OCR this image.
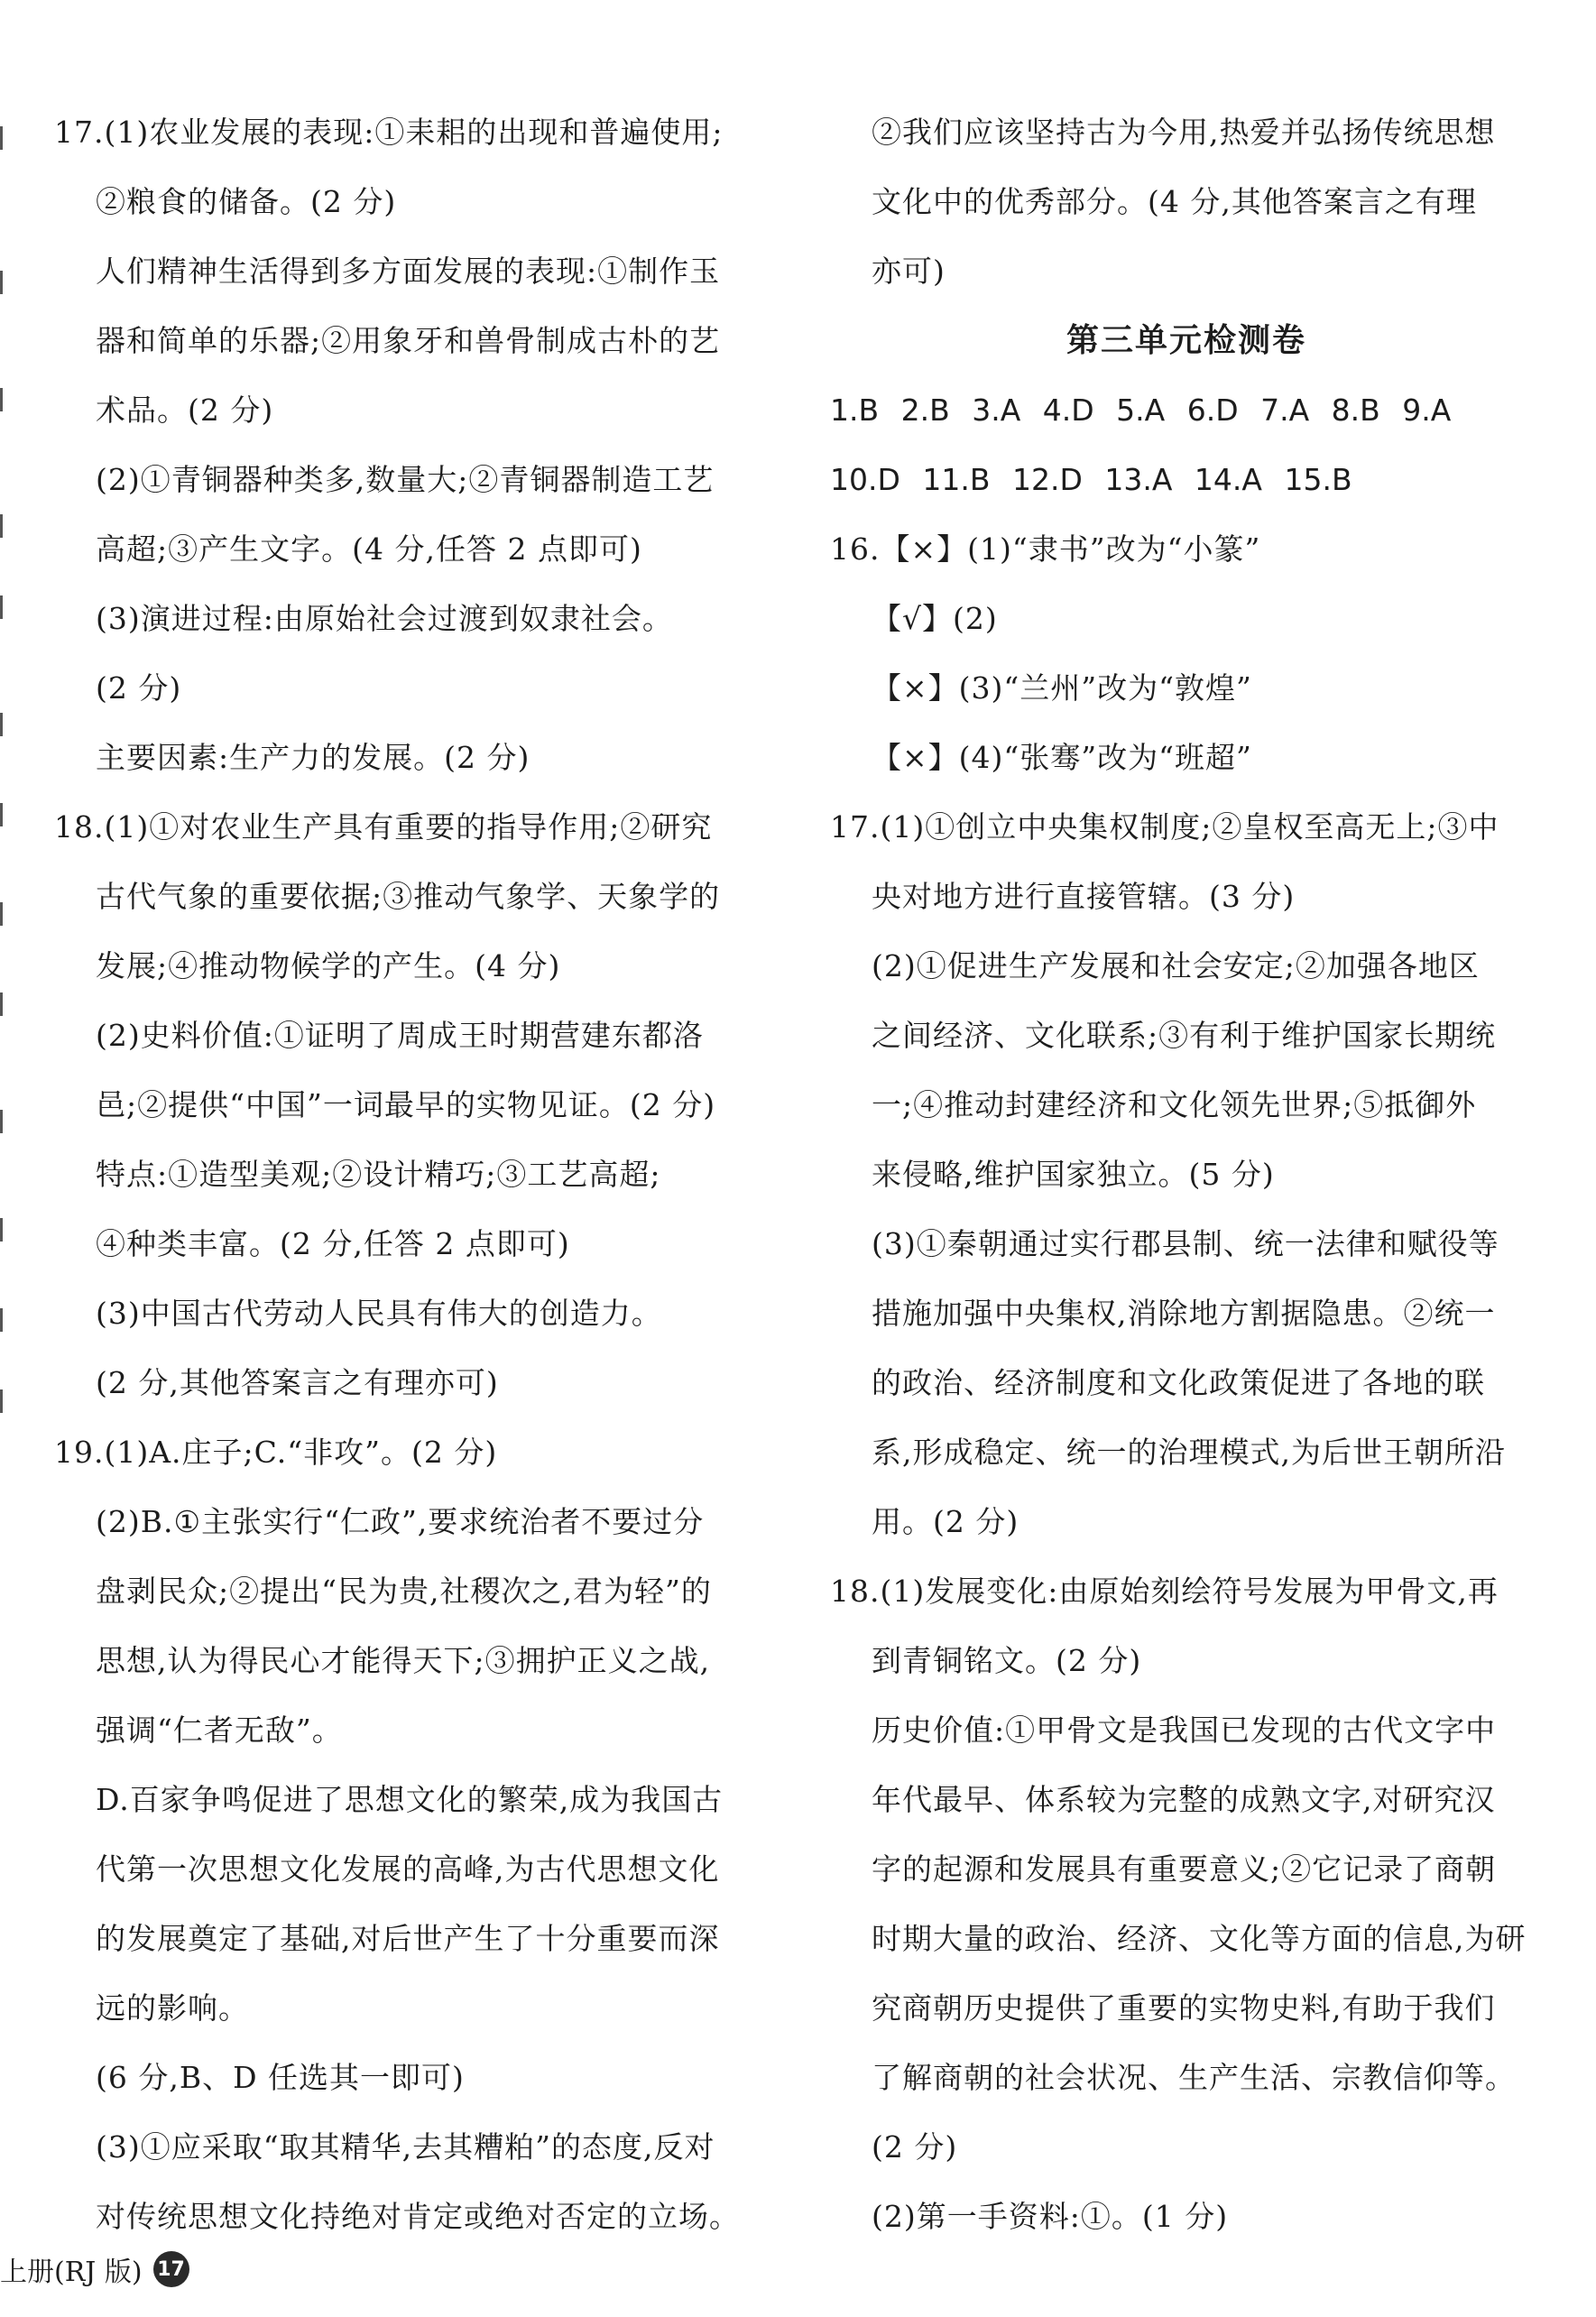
17.(1)农业发展的表现:①耒耜的出现和普遍使用;
②粮食的储备。(2 分)
人们精神生活得到多方面发展的表现:①制作玉
器和简单的乐器;②用象牙和兽骨制成古朴的艺
术品。(2 分)
(2)①青铜器种类多,数量大;②青铜器制造工艺
高超;③产生文字。(4 分,任答 2 点即可)
(3)演进过程:由原始社会过渡到奴隶社会。
(2 分)
主要因素:生产力的发展。(2 分)
18.(1)①对农业生产具有重要的指导作用;②研究
古代气象的重要依据;③推动气象学、天象学的
发展;④推动物候学的产生。(4 分)
(2)史料价值:①证明了周成王时期营建东都洛
邑;②提供“中国”一词最早的实物见证。(2 分)
特点:①造型美观;②设计精巧;③工艺高超;
④种类丰富。(2 分,任答 2 点即可)
(3)中国古代劳动人民具有伟大的创造力。
(2 分,其他答案言之有理亦可)
19.(1)A.庄子;C.“非攻”。(2 分)
(2)B.①主张实行“仁政”,要求统治者不要过分
盘剥民众;②提出“民为贵,社稷次之,君为轻”的
思想,认为得民心才能得天下;③拥护正义之战,
强调“仁者无敌”。
D.百家争鸣促进了思想文化的繁荣,成为我国古
代第一次思想文化发展的高峰,为古代思想文化
的发展奠定了基础,对后世产生了十分重要而深
远的影响。
(6 分,B、D 任选其一即可)
(3)①应采取“取其精华,去其糟粕”的态度,反对
对传统思想文化持绝对肯定或绝对否定的立场。
②我们应该坚持古为今用,热爱并弘扬传统思想
文化中的优秀部分。(4 分,其他答案言之有理
亦可)
第三单元检测卷
1.B 2.B 3.A 4.D 5.A 6.D 7.A 8.B 9.A
10.D 11.B 12.D 13.A 14.A 15.B
16.【×】(1)“隶书”改为“小篆”
【√】(2)
【×】(3)“兰州”改为“敦煌”
【×】(4)“张骞”改为“班超”
17.(1)①创立中央集权制度;②皇权至高无上;③中
央对地方进行直接管辖。(3 分)
(2)①促进生产发展和社会安定;②加强各地区
之间经济、文化联系;③有利于维护国家长期统
一;④推动封建经济和文化领先世界;⑤抵御外
来侵略,维护国家独立。(5 分)
(3)①秦朝通过实行郡县制、统一法律和赋役等
措施加强中央集权,消除地方割据隐患。②统一
的政治、经济制度和文化政策促进了各地的联
系,形成稳定、统一的治理模式,为后世王朝所沿
用。(2 分)
18.(1)发展变化:由原始刻绘符号发展为甲骨文,再
到青铜铭文。(2 分)
历史价值:①甲骨文是我国已发现的古代文字中
年代最早、体系较为完整的成熟文字,对研究汉
字的起源和发展具有重要意义;②它记录了商朝
时期大量的政治、经济、文化等方面的信息,为研
究商朝历史提供了重要的实物史料,有助于我们
了解商朝的社会状况、生产生活、宗教信仰等。
(2 分)
(2)第一手资料:①。(1 分)
上册(RJ 版) 17
